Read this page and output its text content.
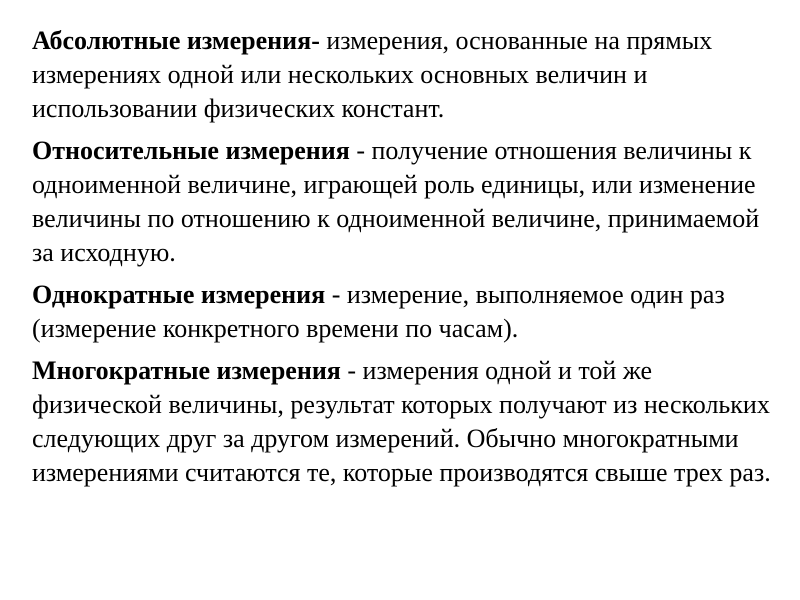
Абсолютные измерения- измерения, основанные на прямых измерениях одной или нескольких основных величин и использовании физических констант.

Относительные измерения - получение отношения величины к одноименной величине, играющей роль единицы, или изменение величины по отношению к одноименной величине, принимаемой за исходную.

Однократные измерения - измерение, выполняемое один раз (измерение конкретного времени по часам).

Многократные измерения - измерения одной и той же физической величины, результат которых получают из нескольких следующих друг за другом измерений. Обычно многократными измерениями считаются те, которые производятся свыше трех раз.
